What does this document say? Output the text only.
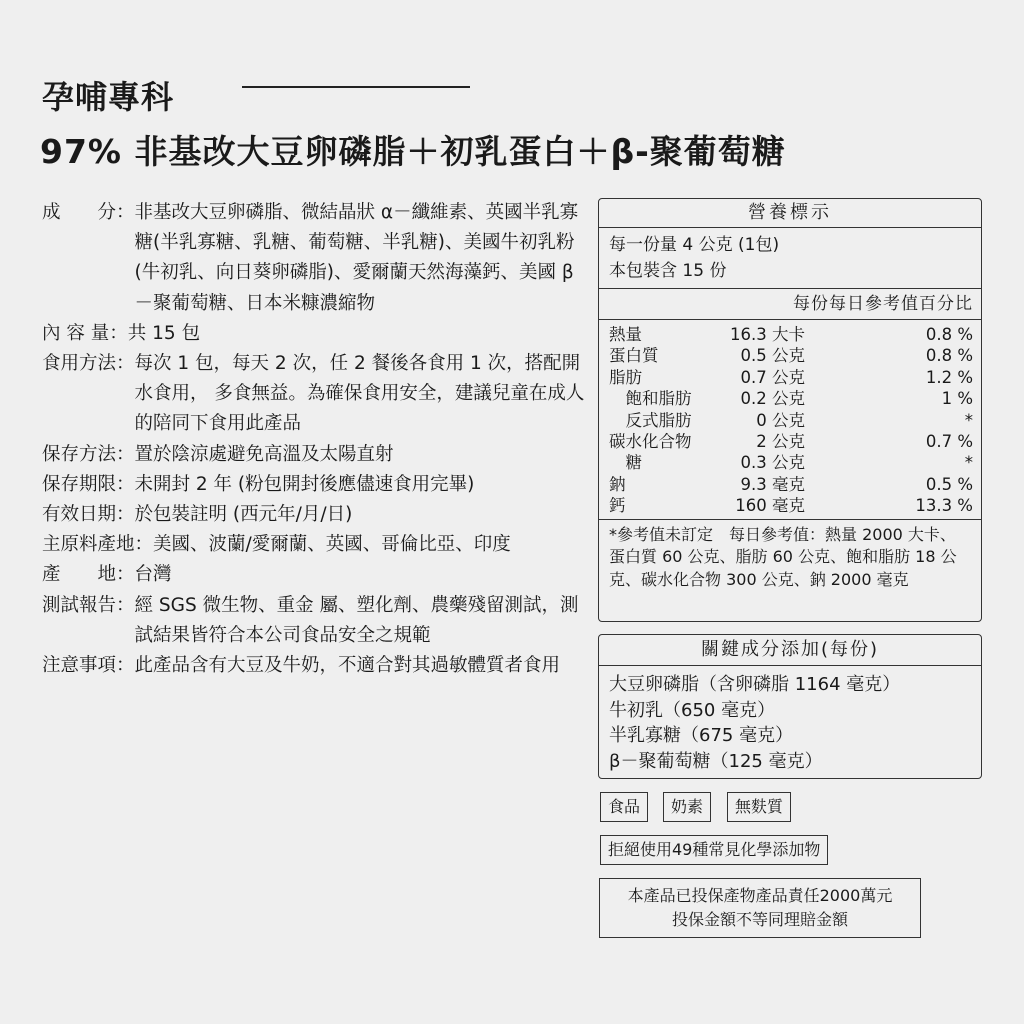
孕哺專科
97% 非基改大豆卵磷脂＋初乳蛋白＋β-聚葡萄糖
成　　分： 非基改大豆卵磷脂、微結晶狀 α－纖維素、英國半乳寡糖(半乳寡糖、乳糖、葡萄糖、半乳糖)、美國牛初乳粉(牛初乳、向日葵卵磷脂)、愛爾蘭天然海藻鈣、美國 β－聚葡萄糖、日本米糠濃縮物
內 容 量： 共 15 包
食用方法： 每次 1 包，每天 2 次，任 2 餐後各食用 1 次，搭配開水食用， 多食無益。為確保食用安全，建議兒童在成人的陪同下食用此產品
保存方法： 置於陰涼處避免高溫及太陽直射
保存期限： 未開封 2 年 (粉包開封後應儘速食用完畢)
有效日期： 於包裝註明 (西元年/月/日)
主原料產地： 美國、波蘭/愛爾蘭、英國、哥倫比亞、印度
產　　地： 台灣
測試報告： 經 SGS 微生物、重金 屬、塑化劑、農藥殘留測試，測試結果皆符合本公司食品安全之規範
注意事項： 此產品含有大豆及牛奶，不適合對其過敏體質者食用
營養標示
每一份量 4 公克 (1包)
本包裝含 15 份
每份每日參考值百分比
熱量	16.3 大卡	0.8 %
蛋白質	0.5 公克	0.8 %
脂肪	0.7 公克	1.2 %
　飽和脂肪	0.2 公克	1 %
　反式脂肪	0 公克	*
碳水化合物	2 公克	0.7 %
　糖	0.3 公克	*
鈉	9.3 毫克	0.5 %
鈣	160 毫克	13.3 %
*參考值未訂定　每日參考值：熱量 2000 大卡、蛋白質 60 公克、脂肪 60 公克、飽和脂肪 18 公克、碳水化合物 300 公克、鈉 2000 毫克
關鍵成分添加(每份)
大豆卵磷脂（含卵磷脂 1164 毫克）
牛初乳（650 毫克）
半乳寡糖（675 毫克）
β－聚葡萄糖（125 毫克）
食品	奶素	無麩質
拒絕使用49種常見化學添加物
本產品已投保產物產品責任2000萬元
投保金額不等同理賠金額
